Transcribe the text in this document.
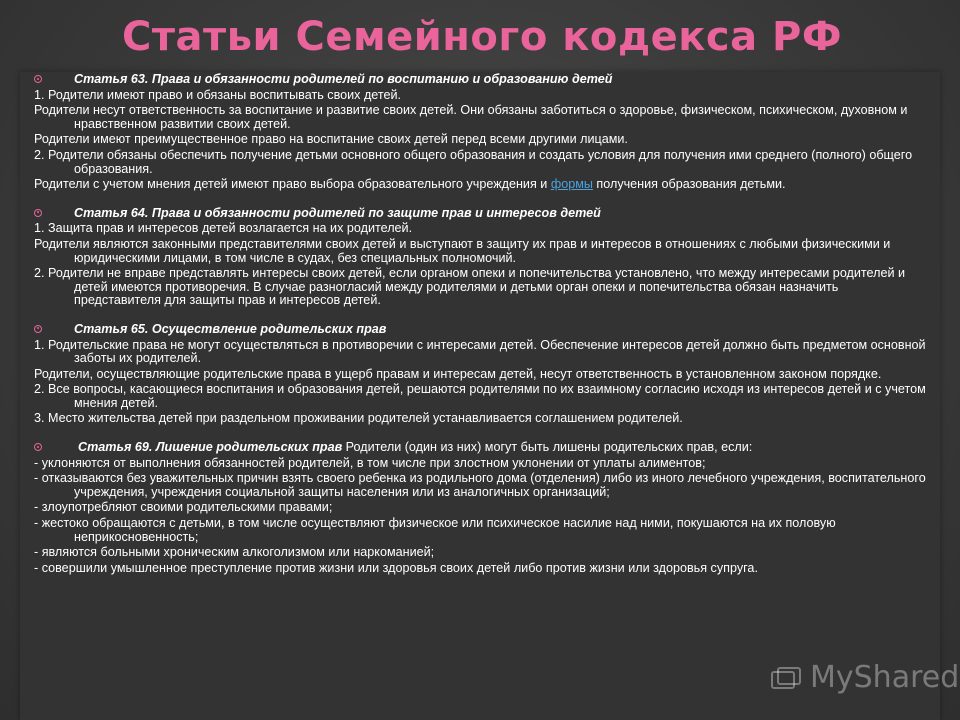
Статьи Семейного кодекса РФ
Статья 63. Права и обязанности родителей по воспитанию и образованию детей
1. Родители имеют право и обязаны воспитывать своих детей.
Родители несут ответственность за воспитание и развитие своих детей. Они обязаны заботиться о здоровье, физическом, психическом, духовном и нравственном развитии своих детей.
Родители имеют преимущественное право на воспитание своих детей перед всеми другими лицами.
2. Родители обязаны обеспечить получение детьми основного общего образования и создать условия для получения ими среднего (полного) общего образования.
Родители с учетом мнения детей имеют право выбора образовательного учреждения и формы получения образования детьми.
Статья 64. Права и обязанности родителей по защите прав и интересов детей
1. Защита прав и интересов детей возлагается на их родителей.
Родители являются законными представителями своих детей и выступают в защиту их прав и интересов в отношениях с любыми физическими и юридическими лицами, в том числе в судах, без специальных полномочий.
2. Родители не вправе представлять интересы своих детей, если органом опеки и попечительства установлено, что между интересами родителей и детей имеются противоречия. В случае разногласий между родителями и детьми орган опеки и попечительства обязан назначить представителя для защиты прав и интересов детей.
Статья 65. Осуществление родительских прав
1. Родительские права не могут осуществляться в противоречии с интересами детей. Обеспечение интересов детей должно быть предметом основной заботы их родителей.
Родители, осуществляющие родительские права в ущерб правам и интересам детей, несут ответственность в установленном законом порядке.
2. Все вопросы, касающиеся воспитания и образования детей, решаются родителями по их взаимному согласию исходя из интересов детей и с учетом мнения детей.
3. Место жительства детей при раздельном проживании родителей устанавливается соглашением родителей.
Статья 69. Лишение родительских прав Родители (один из них) могут быть лишены родительских прав, если:
- уклоняются от выполнения обязанностей родителей, в том числе при злостном уклонении от уплаты алиментов;
- отказываются без уважительных причин взять своего ребенка из родильного дома (отделения) либо из иного лечебного учреждения, воспитательного учреждения, учреждения социальной защиты населения или из аналогичных организаций;
- злоупотребляют своими родительскими правами;
- жестоко обращаются с детьми, в том числе осуществляют физическое или психическое насилие над ними, покушаются на их половую неприкосновенность;
- являются больными хроническим алкоголизмом или наркоманией;
- совершили умышленное преступление против жизни или здоровья своих детей либо против жизни или здоровья супруга.
MyShared
